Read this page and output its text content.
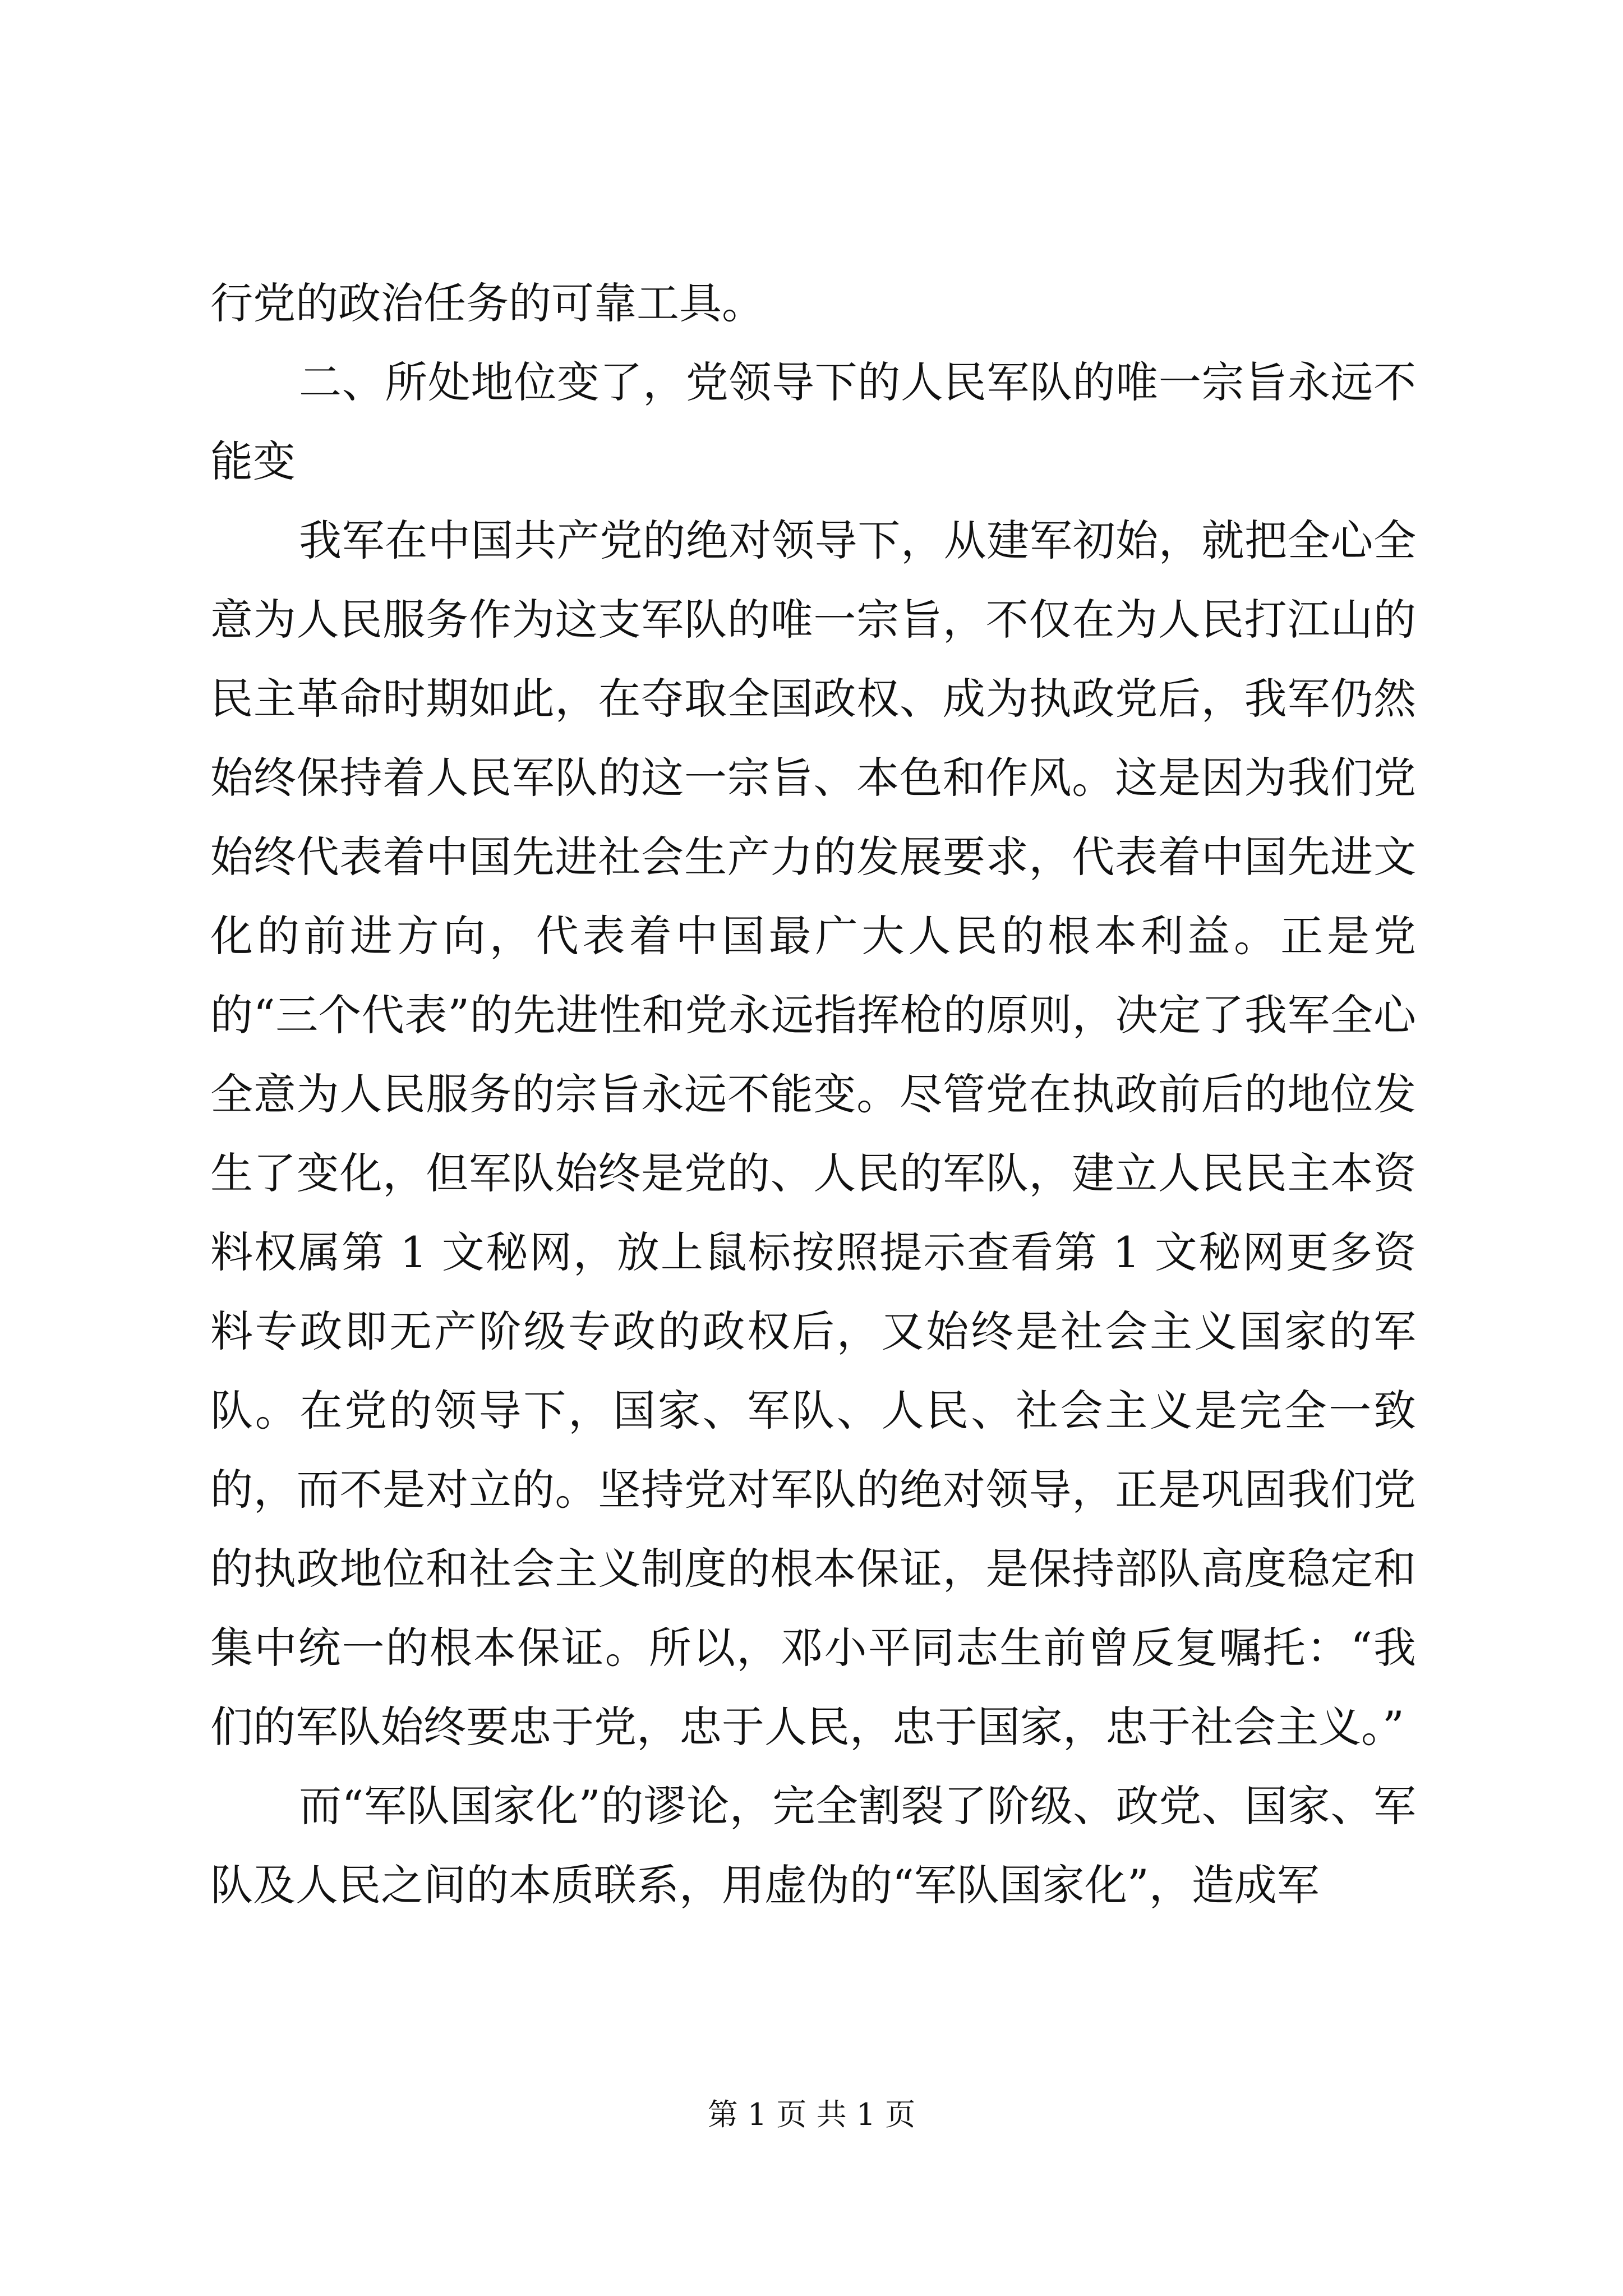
行党的政治任务的可靠工具。

二、所处地位变了，党领导下的人民军队的唯一宗旨永远不能变

我军在中国共产党的绝对领导下，从建军初始，就把全心全意为人民服务作为这支军队的唯一宗旨，不仅在为人民打江山的民主革命时期如此，在夺取全国政权、成为执政党后，我军仍然始终保持着人民军队的这一宗旨、本色和作风。这是因为我们党始终代表着中国先进社会生产力的发展要求，代表着中国先进文化的前进方向，代表着中国最广大人民的根本利益。正是党的“三个代表”的先进性和党永远指挥枪的原则，决定了我军全心全意为人民服务的宗旨永远不能变。尽管党在执政前后的地位发生了变化，但军队始终是党的、人民的军队，建立人民民主本资料权属第 1 文秘网，放上鼠标按照提示查看第 1 文秘网更多资料专政即无产阶级专政的政权后，又始终是社会主义国家的军队。在党的领导下，国家、军队、人民、社会主义是完全一致的，而不是对立的。坚持党对军队的绝对领导，正是巩固我们党的执政地位和社会主义制度的根本保证，是保持部队高度稳定和集中统一的根本保证。所以，邓小平同志生前曾反复嘱托：“我们的军队始终要忠于党，忠于人民，忠于国家，忠于社会主义。”

而“军队国家化”的谬论，完全割裂了阶级、政党、国家、军队及人民之间的本质联系，用虚伪的“军队国家化”，造成军

第 1 页 共 1 页
